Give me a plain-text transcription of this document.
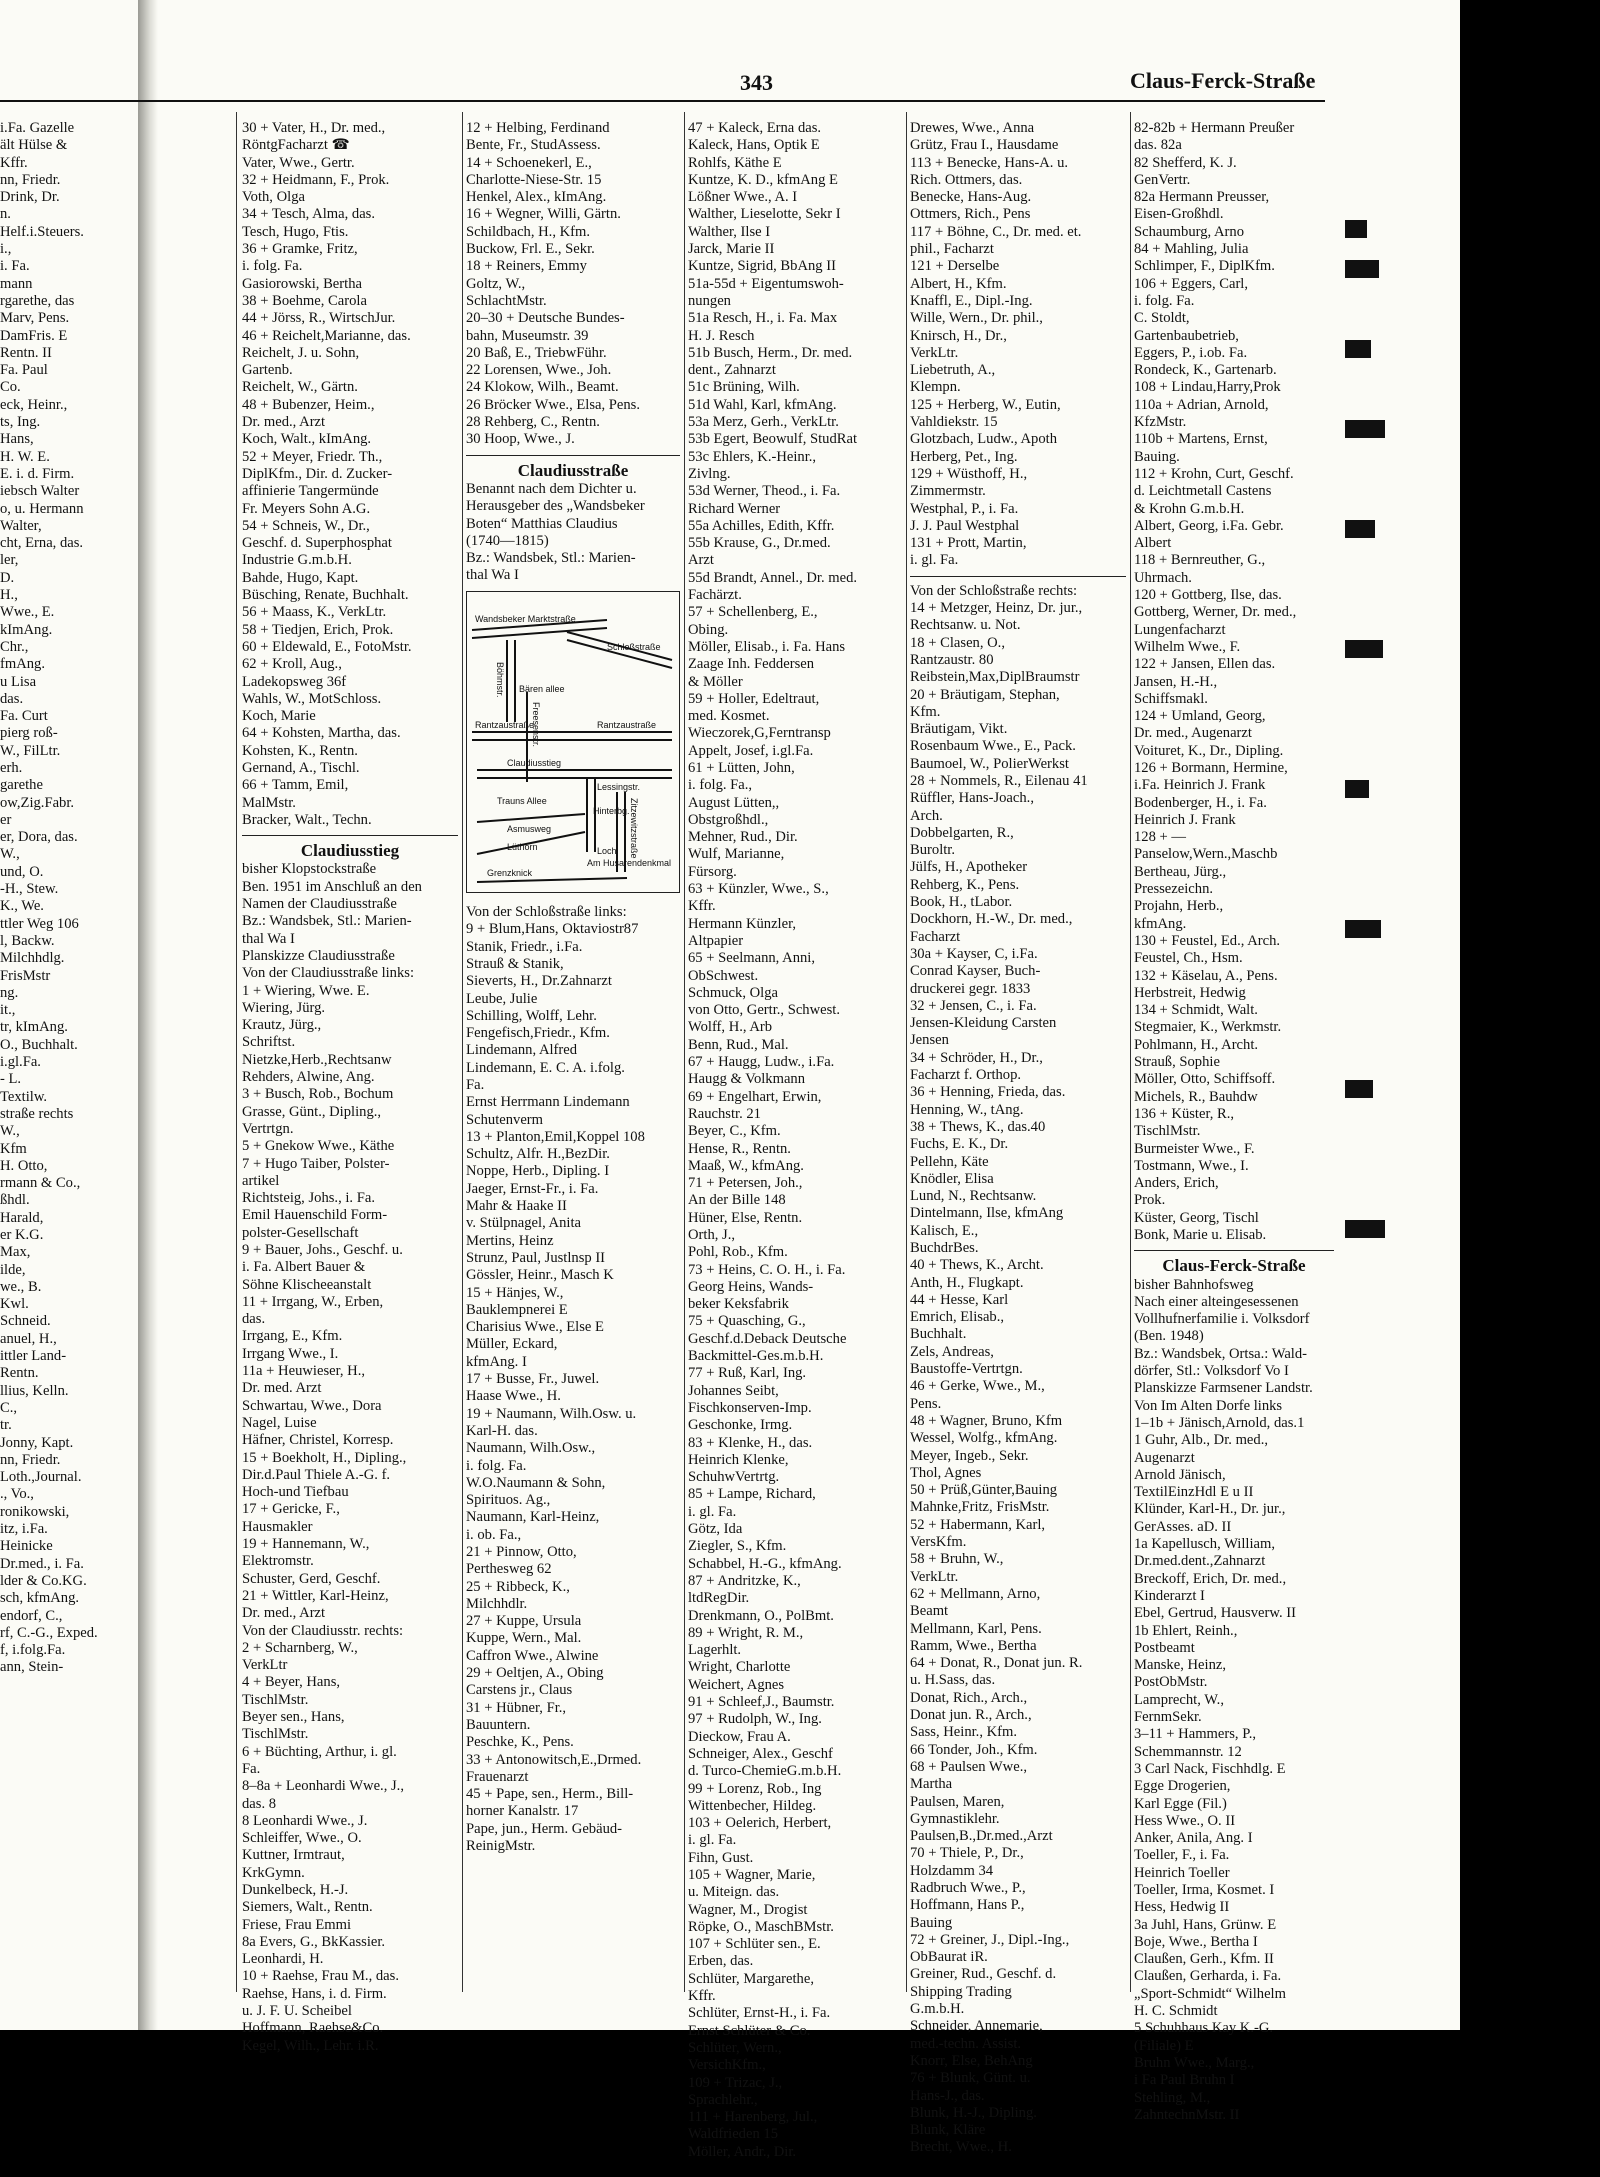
343	Claus-Ferck-Straße

i.Fa. Gazelle

ält Hülse &

Kffr.

nn, Friedr.

Drink, Dr.

n.

Helf.i.Steuers.

i.,

i. Fa.

mann

rgarethe, das

Marv, Pens.

DamFris. E

Rentn. II

Fa. Paul

Co.

eck, Heinr.,

ts, Ing.

Hans,

H. W. E.

E. i. d. Firm.

iebsch Walter

o, u. Hermann

Walter,

cht, Erna, das.

ler,

D.

H.,

Wwe., E.

kImAng.

Chr.,

fmAng.

u Lisa

das.

Fa. Curt

pierg roß-

W., FilLtr.

erh.

garethe

ow,Zig.Fabr.

er

er, Dora, das.

W.,

und, O.

-H., Stew.

K., We.

ttler Weg 106

l, Backw.

Milchhdlg.

FrisMstr

ng.

it.,

tr, kImAng.

O., Buchhalt.

i.gl.Fa.

- L.

Textilw.

straße rechts

W.,

Kfm

H. Otto,

rmann & Co.,

ßhdl.

Harald,

er K.G.

Max,

ilde,

we., B.

Kwl.

Schneid.

anuel, H.,

ittler Land-

Rentn.

llius, Kelln.

C.,

tr.

Jonny, Kapt.

nn, Friedr.

Loth.,Journal.

., Vo.,

ronikowski,

itz, i.Fa.

Heinicke

Dr.med., i. Fa.

lder & Co.KG.

sch, kfmAng.

endorf, C.,

rf, C.-G., Exped.

f, i.folg.Fa.

ann, Stein-

30 + Vater, H., Dr. med.,

RöntgFacharzt ☎

Vater, Wwe., Gertr.

32 + Heidmann, F., Prok.

Voth, Olga

34 + Tesch, Alma, das.

Tesch, Hugo, Ftis.

36 + Gramke, Fritz,

i. folg. Fa.

Gasiorowski, Bertha

38 + Boehme, Carola

44 + Jörss, R., WirtschJur.

46 + Reichelt,Marianne, das.

Reichelt, J. u. Sohn,

Gartenb.

Reichelt, W., Gärtn.

48 + Bubenzer, Heim.,

Dr. med., Arzt

Koch, Walt., kImAng.

52 + Meyer, Friedr. Th.,

DiplKfm., Dir. d. Zucker-

affinierie Tangermünde

Fr. Meyers Sohn A.G.

54 + Schneis, W., Dr.,

Geschf. d. Superphosphat

Industrie G.m.b.H.

Bahde, Hugo, Kapt.

Büsching, Renate, Buchhalt.

56 + Maass, K., VerkLtr.

58 + Tiedjen, Erich, Prok.

60 + Eldewald, E., FotoMstr.

62 + Kroll, Aug.,

Ladekopsweg 36f

Wahls, W., MotSchloss.

Koch, Marie

64 + Kohsten, Martha, das.

Kohsten, K., Rentn.

Gernand, A., Tischl.

66 + Tamm, Emil,

MalMstr.

Bracker, Walt., Techn.

Claudiusstieg

bisher Klopstockstraße

Ben. 1951 im Anschluß an den

Namen der Claudiusstraße

Bz.: Wandsbek, Stl.: Marien-

thal Wa I

Planskizze Claudiusstraße

Von der Claudiusstraße links:

1 + Wiering, Wwe. E.

Wiering, Jürg.

Krautz, Jürg.,

Schriftst.

Nietzke,Herb.,Rechtsanw

Rehders, Alwine, Ang.

3 + Busch, Rob., Bochum

Grasse, Günt., Dipling.,

Vertrtgn.

5 + Gnekow Wwe., Käthe

7 + Hugo Taiber, Polster-

artikel

Richtsteig, Johs., i. Fa.

Emil Hauenschild Form-

polster-Gesellschaft

9 + Bauer, Johs., Geschf. u.

i. Fa. Albert Bauer &

Söhne Klischeeanstalt

11 + Irrgang, W., Erben,

das.

Irrgang, E., Kfm.

Irrgang Wwe., I.

11a + Heuwieser, H.,

Dr. med. Arzt

Schwartau, Wwe., Dora

Nagel, Luise

Häfner, Christel, Korresp.

15 + Boekholt, H., Dipling.,

Dir.d.Paul Thiele A.-G. f.

Hoch-und Tiefbau

17 + Gericke, F.,

Hausmakler

19 + Hannemann, W.,

Elektromstr.

Schuster, Gerd, Geschf.

21 + Wittler, Karl-Heinz,

Dr. med., Arzt

Von der Claudiusstr. rechts:

2 + Scharnberg, W.,

VerkLtr

4 + Beyer, Hans,

TischlMstr.

Beyer sen., Hans,

TischlMstr.

6 + Büchting, Arthur, i. gl.

Fa.

8–8a + Leonhardi Wwe., J.,

das. 8

8 Leonhardi Wwe., J.

Schleiffer, Wwe., O.

Kuttner, Irmtraut,

KrkGymn.

Dunkelbeck, H.-J.

Siemers, Walt., Rentn.

Friese, Frau Emmi

8a Evers, G., BkKassier.

Leonhardi, H.

10 + Raehse, Frau M., das.

Raehse, Hans, i. d. Firm.

u. J. F. U. Scheibel

Hoffmann, Raehse&Co.

Kegel, Wilh., Lehr. i.R.

12 + Helbing, Ferdinand

Bente, Fr., StudAssess.

14 + Schoenekerl, E.,

Charlotte-Niese-Str. 15

Henkel, Alex., kImAng.

16 + Wegner, Willi, Gärtn.

Schildbach, H., Kfm.

Buckow, Frl. E., Sekr.

18 + Reiners, Emmy

Goltz, W.,

SchlachtMstr.

20–30 + Deutsche Bundes-

bahn, Museumstr. 39

20 Baß, E., TriebwFühr.

22 Lorensen, Wwe., Joh.

24 Klokow, Wilh., Beamt.

26 Bröcker Wwe., Elsa, Pens.

28 Rehberg, C., Rentn.

30 Hoop, Wwe., J.

Claudiusstraße

Benannt nach dem Dichter u.

Herausgeber des „Wandsbeker

Boten“ Matthias Claudius

(1740—1815)

Bz.: Wandsbek, Stl.: Marien-

thal Wa I

Wandsbeker Marktstraße
Schloßstraße
Böhmstr. Bären allee
Freesenstr.
Rantzaustraße	Rantzaustraße
Claudiusstieg
Lessingstr.
Trauns Allee
Hinterbg. Zitzewitzstraße
Asmusweg
Am Husarendenkmal
Lüthorn	Lochi
Grenzknick

Von der Schloßstraße links:

9 + Blum,Hans, Oktaviostr87

Stanik, Friedr., i.Fa.

Strauß & Stanik,

Sieverts, H., Dr.Zahnarzt

Leube, Julie

Schilling, Wolff, Lehr.

Fengefisch,Friedr., Kfm.

Lindemann, Alfred

Lindemann, E. C. A. i.folg.

Fa.

Ernst Herrmann Lindemann

Schutenverm

13 + Planton,Emil,Koppel 108

Schultz, Alfr. H.,BezDir.

Noppe, Herb., Dipling. I

Jaeger, Ernst-Fr., i. Fa.

Mahr & Haake II

v. Stülpnagel, Anita

Mertins, Heinz

Strunz, Paul, Justlnsp II

Gössler, Heinr., Masch K

15 + Hänjes, W.,

Bauklempnerei E

Charisius Wwe., Else E

Müller, Eckard,

kfmAng. I

17 + Busse, Fr., Juwel.

Haase Wwe., H.

19 + Naumann, Wilh.Osw. u.

Karl-H. das.

Naumann, Wilh.Osw.,

i. folg. Fa.

W.O.Naumann & Sohn,

Spirituos. Ag.,

Naumann, Karl-Heinz,

i. ob. Fa.,

21 + Pinnow, Otto,

Perthesweg 62

25 + Ribbeck, K.,

Milchhdlr.

27 + Kuppe, Ursula

Kuppe, Wern., Mal.

Caffron Wwe., Alwine

29 + Oeltjen, A., Obing

Carstens jr., Claus

31 + Hübner, Fr.,

Bauuntern.

Peschke, K., Pens.

33 + Antonowitsch,E.,Drmed.

Frauenarzt

45 + Pape, sen., Herm., Bill-

horner Kanalstr. 17

Pape, jun., Herm. Gebäud-

ReinigMstr.

47 + Kaleck, Erna das.

Kaleck, Hans, Optik E

Rohlfs, Käthe E

Kuntze, K. D., kfmAng E

Lößner Wwe., A. I

Walther, Lieselotte, Sekr I

Walther, Ilse I

Jarck, Marie II

Kuntze, Sigrid, BbAng II

51a-55d + Eigentumswoh-

nungen

51a Resch, H., i. Fa. Max

H. J. Resch

51b Busch, Herm., Dr. med.

dent., Zahnarzt

51c Brüning, Wilh.

51d Wahl, Karl, kfmAng.

53a Merz, Gerh., VerkLtr.

53b Egert, Beowulf, StudRat

53c Ehlers, K.-Heinr.,

Zivlng.

53d Werner, Theod., i. Fa.

Richard Werner

55a Achilles, Edith, Kffr.

55b Krause, G., Dr.med.

Arzt

55d Brandt, Annel., Dr. med.

Fachärzt.

57 + Schellenberg, E.,

Obing.

Möller, Elisab., i. Fa. Hans

Zaage Inh. Feddersen

& Möller

59 + Holler, Edeltraut,

med. Kosmet.

Wieczorek,G,Ferntransp

Appelt, Josef, i.gl.Fa.

61 + Lütten, John,

i. folg. Fa.,

August Lütten,,

Obstgroßhdl.,

Mehner, Rud., Dir.

Wulf, Marianne,

Fürsorg.

63 + Künzler, Wwe., S.,

Kffr.

Hermann Künzler,

Altpapier

65 + Seelmann, Anni,

ObSchwest.

Schmuck, Olga

von Otto, Gertr., Schwest.

Wolff, H., Arb

Benn, Rud., Mal.

67 + Haugg, Ludw., i.Fa.

Haugg & Volkmann

69 + Engelhart, Erwin,

Rauchstr. 21

Beyer, C., Kfm.

Hense, R., Rentn.

Maaß, W., kfmAng.

71 + Petersen, Joh.,

An der Bille 148

Hüner, Else, Rentn.

Orth, J.,

Pohl, Rob., Kfm.

73 + Heins, C. O. H., i. Fa.

Georg Heins, Wands-

beker Keksfabrik

75 + Quasching, G.,

Geschf.d.Deback Deutsche

Backmittel-Ges.m.b.H.

77 + Ruß, Karl, Ing.

Johannes Seibt,

Fischkonserven-Imp.

Geschonke, Irmg.

83 + Klenke, H., das.

Heinrich Klenke,

SchuhwVertrtg.

85 + Lampe, Richard,

i. gl. Fa.

Götz, Ida

Ziegler, S., Kfm.

Schabbel, H.-G., kfmAng.

87 + Andritzke, K.,

ltdRegDir.

Drenkmann, O., PolBmt.

89 + Wright, R. M.,

Lagerhlt.

Wright, Charlotte

Weichert, Agnes

91 + Schleef,J., Baumstr.

97 + Rudolph, W., Ing.

Dieckow, Frau A.

Schneiger, Alex., Geschf

d. Turco-ChemieG.m.b.H.

99 + Lorenz, Rob., Ing

Wittenbecher, Hildeg.

103 + Oelerich, Herbert,

i. gl. Fa.

Fihn, Gust.

105 + Wagner, Marie,

u. Miteign. das.

Wagner, M., Drogist

Röpke, O., MaschBMstr.

107 + Schlüter sen., E.

Erben, das.

Schlüter, Margarethe,

Kffr.

Schlüter, Ernst-H., i. Fa.

Ernst Schlüter & Co.

Schlüter, Wern.,

VersichKfm.,

109 + Trizac, J.,

Sprachlehr.,

111 + Harenberg, Jul.,

Waldfrieden 15

Möller, Andr., Dir.

Drewes, Wwe., Anna

Grütz, Frau I., Hausdame

113 + Benecke, Hans-A. u.

Rich. Ottmers, das.

Benecke, Hans-Aug.

Ottmers, Rich., Pens

117 + Böhne, C., Dr. med. et.

phil., Facharzt

121 + Derselbe

Albert, H., Kfm.

Knaffl, E., Dipl.-Ing.

Wille, Wern., Dr. phil.,

Knirsch, H., Dr.,

VerkLtr.

Liebetruth, A.,

Klempn.

125 + Herberg, W., Eutin,

Vahldiekstr. 15

Glotzbach, Ludw., Apoth

Herberg, Pet., Ing.

129 + Wüsthoff, H.,

Zimmermstr.

Westphal, P., i. Fa.

J. J. Paul Westphal

131 + Prott, Martin,

i. gl. Fa.

Von der Schloßstraße rechts:

14 + Metzger, Heinz, Dr. jur.,

Rechtsanw. u. Not.

18 + Clasen, O.,

Rantzaustr. 80

Reibstein,Max,DiplBraumstr

20 + Bräutigam, Stephan,

Kfm.

Bräutigam, Vikt.

Rosenbaum Wwe., E., Pack.

Baumoel, W., PolierWerkst

28 + Nommels, R., Eilenau 41

Rüffler, Hans-Joach.,

Arch.

Dobbelgarten, R.,

Buroltr.

Jülfs, H., Apotheker

Rehberg, K., Pens.

Book, H., tLabor.

Dockhorn, H.-W., Dr. med.,

Facharzt

30a + Kayser, C, i.Fa.

Conrad Kayser, Buch-

druckerei gegr. 1833

32 + Jensen, C., i. Fa.

Jensen-Kleidung Carsten

Jensen

34 + Schröder, H., Dr.,

Facharzt f. Orthop.

36 + Henning, Frieda, das.

Henning, W., tAng.

38 + Thews, K., das.40

Fuchs, E. K., Dr.

Pellehn, Käte

Knödler, Elisa

Lund, N., Rechtsanw.

Dintelmann, Ilse, kfmAng

Kalisch, E.,

BuchdrBes.

40 + Thews, K., Archt.

Anth, H., Flugkapt.

44 + Hesse, Karl

Emrich, Elisab.,

Buchhalt.

Zels, Andreas,

Baustoffe-Vertrtgn.

46 + Gerke, Wwe., M.,

Pens.

48 + Wagner, Bruno, Kfm

Wessel, Wolfg., kfmAng.

Meyer, Ingeb., Sekr.

Thol, Agnes

50 + Prüß,Günter,Bauing

Mahnke,Fritz, FrisMstr.

52 + Habermann, Karl,

VersKfm.

58 + Bruhn, W.,

VerkLtr.

62 + Mellmann, Arno,

Beamt

Mellmann, Karl, Pens.

Ramm, Wwe., Bertha

64 + Donat, R., Donat jun. R.

u. H.Sass, das.

Donat, Rich., Arch.,

Donat jun. R., Arch.,

Sass, Heinr., Kfm.

66 Tonder, Joh., Kfm.

68 + Paulsen Wwe.,

Martha

Paulsen, Maren,

Gymnastiklehr.

Paulsen,B.,Dr.med.,Arzt

70 + Thiele, P., Dr.,

Holzdamm 34

Radbruch Wwe., P.,

Hoffmann, Hans P.,

Bauing

72 + Greiner, J., Dipl.-Ing.,

ObBaurat iR.

Greiner, Rud., Geschf. d.

Shipping Trading

G.m.b.H.

Schneider, Annemarie,

med.-techn. Assist.

Knorr, Else, BehAng

76 + Blunk, Günt. u.

Hans-J., das.

Blunk, H.-J., Dipling.

Blunk, Kläre

Brecht, Wwe., H.

82-82b + Hermann Preußer

das. 82a

82 Shefferd, K. J.

GenVertr.

82a Hermann Preusser,

Eisen-Großhdl.

Schaumburg, Arno

84 + Mahling, Julia

Schlimper, F., DiplKfm.

106 + Eggers, Carl,

i. folg. Fa.

C. Stoldt,

Gartenbaubetrieb,

Eggers, P., i.ob. Fa.

Rondeck, K., Gartenarb.

108 + Lindau,Harry,Prok

110a + Adrian, Arnold,

KfzMstr.

110b + Martens, Ernst,

Bauing.

112 + Krohn, Curt, Geschf.

d. Leichtmetall Castens

& Krohn G.m.b.H.

Albert, Georg, i.Fa. Gebr.

Albert

118 + Bernreuther, G.,

Uhrmach.

120 + Gottberg, Ilse, das.

Gottberg, Werner, Dr. med.,

Lungenfacharzt

Wilhelm Wwe., F.

122 + Jansen, Ellen das.

Jansen, H.-H.,

Schiffsmakl.

124 + Umland, Georg,

Dr. med., Augenarzt

Voituret, K., Dr., Dipling.

126 + Bormann, Hermine,

i.Fa. Heinrich J. Frank

Bodenberger, H., i. Fa.

Heinrich J. Frank

128 + —

Panselow,Wern.,Maschb

Bertheau, Jürg.,

Pressezeichn.

Projahn, Herb.,

kfmAng.

130 + Feustel, Ed., Arch.

Feustel, Ch., Hsm.

132 + Käselau, A., Pens.

Herbstreit, Hedwig

134 + Schmidt, Walt.

Stegmaier, K., Werkmstr.

Pohlmann, H., Archt.

Strauß, Sophie

Möller, Otto, Schiffsoff.

Michels, R., Bauhdw

136 + Küster, R.,

TischlMstr.

Burmeister Wwe., F.

Tostmann, Wwe., I.

Anders, Erich,

Prok.

Küster, Georg, Tischl

Bonk, Marie u. Elisab.

Claus-Ferck-Straße

bisher Bahnhofsweg

Nach einer alteingesessenen

Vollhufnerfamilie i. Volksdorf

(Ben. 1948)

Bz.: Wandsbek, Ortsa.: Wald-

dörfer, Stl.: Volksdorf Vo I

Planskizze Farmsener Landstr.

Von Im Alten Dorfe links

1–1b + Jänisch,Arnold, das.1

1 Guhr, Alb., Dr. med.,

Augenarzt

Arnold Jänisch,

TextilEinzHdl E u II

Klünder, Karl-H., Dr. jur.,

GerAsses. aD. II

1a Kapellusch, William,

Dr.med.dent.,Zahnarzt

Breckoff, Erich, Dr. med.,

Kinderarzt I

Ebel, Gertrud, Hausverw. II

1b Ehlert, Reinh.,

Postbeamt

Manske, Heinz,

PostObMstr.

Lamprecht, W.,

FernmSekr.

3–11 + Hammers, P.,

Schemmannstr. 12

3 Carl Nack, Fischhdlg. E

Egge Drogerien,

Karl Egge (Fil.)

Hess Wwe., O. II

Anker, Anila, Ang. I

Toeller, F., i. Fa.

Heinrich Toeller

Toeller, Irma, Kosmet. I

Hess, Hedwig II

3a Juhl, Hans, Grünw. E

Boje, Wwe., Bertha I

Claußen, Gerh., Kfm. II

Claußen, Gerharda, i. Fa.

„Sport-Schmidt“ Wilhelm

H. C. Schmidt

5 Schuhhaus Kay K.-G.

(Filiale) E

Bruhn Wwe., Marg.,

i Fa Paul Bruhn I

Stehling, M.,

ZahntechnMstr. II
